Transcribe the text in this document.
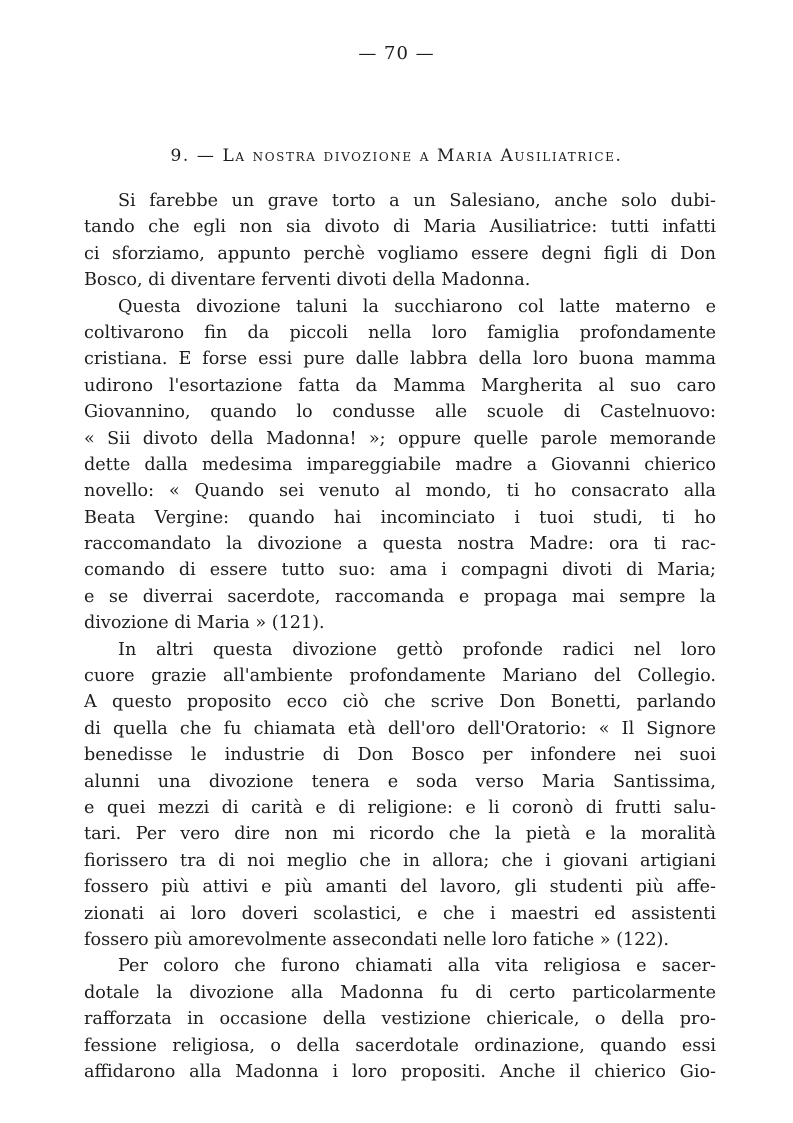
— 70 —
9. — La nostra divozione a Maria Ausiliatrice.
Si farebbe un grave torto a un Salesiano, anche solo dubi-
tando che egli non sia divoto di Maria Ausiliatrice: tutti infatti
ci sforziamo, appunto perchè vogliamo essere degni figli di Don
Bosco, di diventare ferventi divoti della Madonna.
Questa divozione taluni la succhiarono col latte materno e
coltivarono fin da piccoli nella loro famiglia profondamente
cristiana. E forse essi pure dalle labbra della loro buona mamma
udirono l'esortazione fatta da Mamma Margherita al suo caro
Giovannino, quando lo condusse alle scuole di Castelnuovo:
« Sii divoto della Madonna! »; oppure quelle parole memorande
dette dalla medesima impareggiabile madre a Giovanni chierico
novello: « Quando sei venuto al mondo, ti ho consacrato alla
Beata Vergine: quando hai incominciato i tuoi studi, ti ho
raccomandato la divozione a questa nostra Madre: ora ti rac-
comando di essere tutto suo: ama i compagni divoti di Maria;
e se diverrai sacerdote, raccomanda e propaga mai sempre la
divozione di Maria » (121).
In altri questa divozione gettò profonde radici nel loro
cuore grazie all'ambiente profondamente Mariano del Collegio.
A questo proposito ecco ciò che scrive Don Bonetti, parlando
di quella che fu chiamata età dell'oro dell'Oratorio: « Il Signore
benedisse le industrie di Don Bosco per infondere nei suoi
alunni una divozione tenera e soda verso Maria Santissima,
e quei mezzi di carità e di religione: e li coronò di frutti salu-
tari. Per vero dire non mi ricordo che la pietà e la moralità
fiorissero tra di noi meglio che in allora; che i giovani artigiani
fossero più attivi e più amanti del lavoro, gli studenti più affe-
zionati ai loro doveri scolastici, e che i maestri ed assistenti
fossero più amorevolmente assecondati nelle loro fatiche » (122).
Per coloro che furono chiamati alla vita religiosa e sacer-
dotale la divozione alla Madonna fu di certo particolarmente
rafforzata in occasione della vestizione chiericale, o della pro-
fessione religiosa, o della sacerdotale ordinazione, quando essi
affidarono alla Madonna i loro propositi. Anche il chierico Gio-
